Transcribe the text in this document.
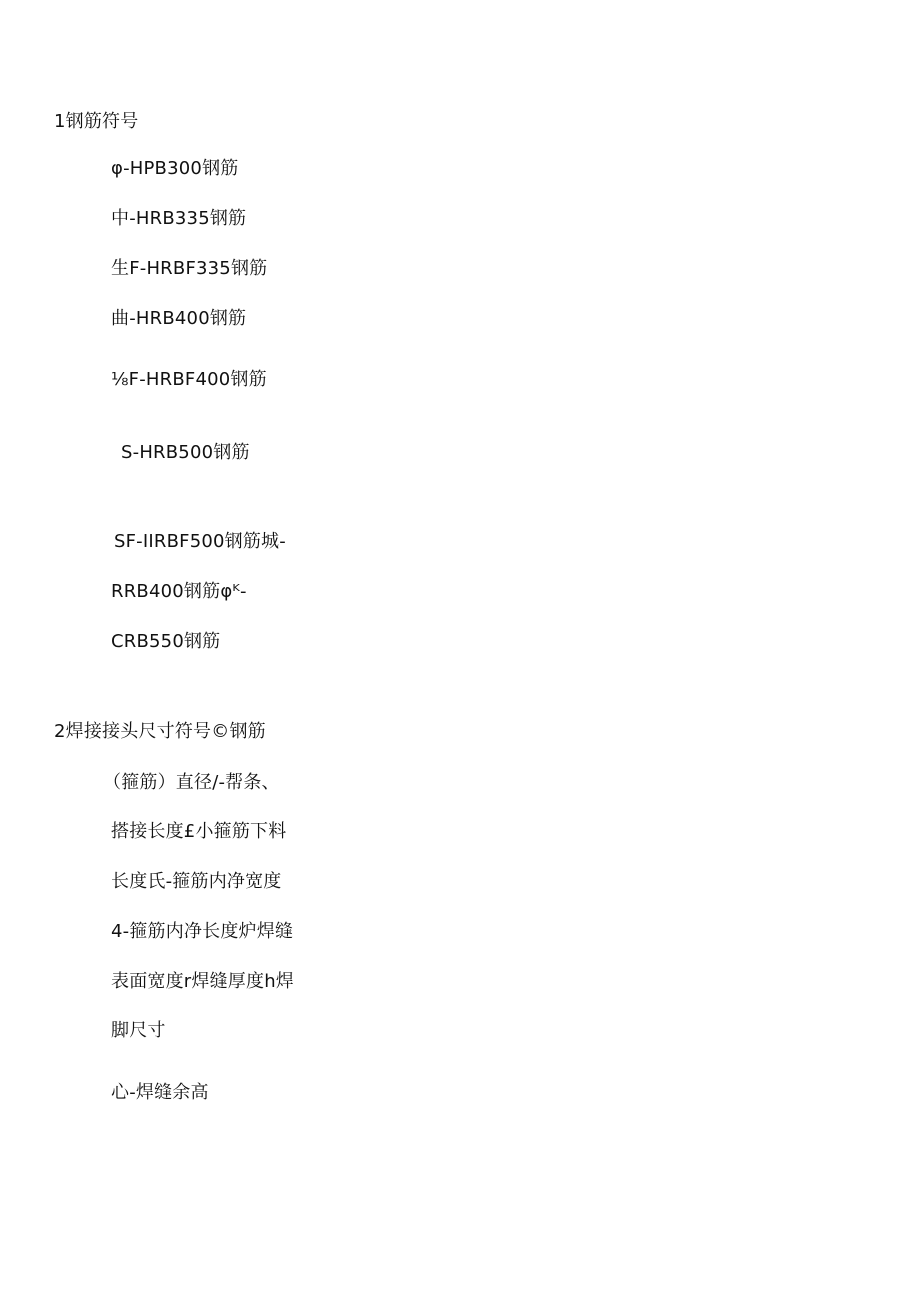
1钢筋符号
φ-HPB300钢筋
中-HRB335钢筋
生F-HRBF335钢筋
曲-HRB400钢筋
⅛F-HRBF400钢筋
S-HRB500钢筋
SF-IIRBF500钢筋城-
RRB400钢筋φᴷ-
CRB550钢筋
2焊接接头尺寸符号©钢筋
（箍筋）直径/-帮条、
搭接长度£小箍筋下料
长度氏-箍筋内净宽度
4-箍筋内净长度炉焊缝
表面宽度r焊缝厚度h焊
脚尺寸
心-焊缝余高
